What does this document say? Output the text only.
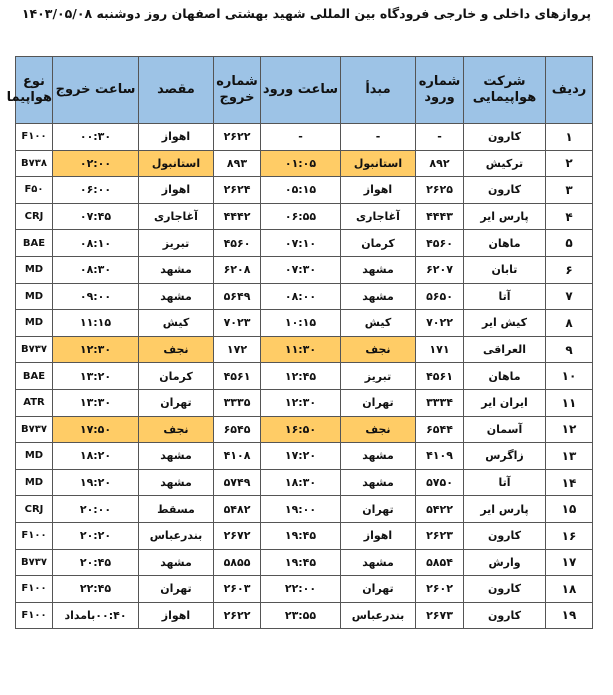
پروازهای داخلی و خارجی فرودگاه بین المللی شهید بهشتی اصفهان روز دوشنبه ۱۴۰۳/۰۵/۰۸
ردیف	شرکت هواپیمایی	شماره ورود	مبدأ	ساعت ورود	شماره خروج	مقصد	ساعت خروج	نوع هواپیما
۱	کارون	-	-	-	۲۶۲۲	اهواز	۰۰:۳۰	F۱۰۰
۲	ترکیش	۸۹۲	استانبول	۰۱:۰۵	۸۹۳	استانبول	۰۲:۰۰	B۷۳۸
۳	کارون	۲۶۲۵	اهواز	۰۵:۱۵	۲۶۲۴	اهواز	۰۶:۰۰	F۵۰
۴	پارس ایر	۴۴۴۳	آغاجاری	۰۶:۵۵	۴۴۴۲	آغاجاری	۰۷:۴۵	CRJ
۵	ماهان	۴۵۶۰	کرمان	۰۷:۱۰	۴۵۶۰	تبریز	۰۸:۱۰	BAE
۶	تابان	۶۲۰۷	مشهد	۰۷:۳۰	۶۲۰۸	مشهد	۰۸:۳۰	MD
۷	آتا	۵۶۵۰	مشهد	۰۸:۰۰	۵۶۴۹	مشهد	۰۹:۰۰	MD
۸	کیش ایر	۷۰۲۲	کیش	۱۰:۱۵	۷۰۲۳	کیش	۱۱:۱۵	MD
۹	العراقی	۱۷۱	نجف	۱۱:۳۰	۱۷۲	نجف	۱۲:۳۰	B۷۳۷
۱۰	ماهان	۴۵۶۱	تبریز	۱۲:۴۵	۴۵۶۱	کرمان	۱۳:۲۰	BAE
۱۱	ایران ایر	۳۳۳۴	تهران	۱۲:۳۰	۳۳۳۵	تهران	۱۳:۳۰	ATR
۱۲	آسمان	۶۵۴۴	نجف	۱۶:۵۰	۶۵۴۵	نجف	۱۷:۵۰	B۷۳۷
۱۳	زاگرس	۴۱۰۹	مشهد	۱۷:۲۰	۴۱۰۸	مشهد	۱۸:۲۰	MD
۱۴	آتا	۵۷۵۰	مشهد	۱۸:۳۰	۵۷۴۹	مشهد	۱۹:۲۰	MD
۱۵	پارس ایر	۵۴۲۲	تهران	۱۹:۰۰	۵۴۸۲	مسقط	۲۰:۰۰	CRJ
۱۶	کارون	۲۶۲۳	اهواز	۱۹:۴۵	۲۶۷۲	بندرعباس	۲۰:۲۰	F۱۰۰
۱۷	وارش	۵۸۵۴	مشهد	۱۹:۴۵	۵۸۵۵	مشهد	۲۰:۴۵	B۷۳۷
۱۸	کارون	۲۶۰۲	تهران	۲۲:۰۰	۲۶۰۳	تهران	۲۲:۴۵	F۱۰۰
۱۹	کارون	۲۶۷۳	بندرعباس	۲۳:۵۵	۲۶۲۲	اهواز	۰۰:۴۰بامداد	F۱۰۰
